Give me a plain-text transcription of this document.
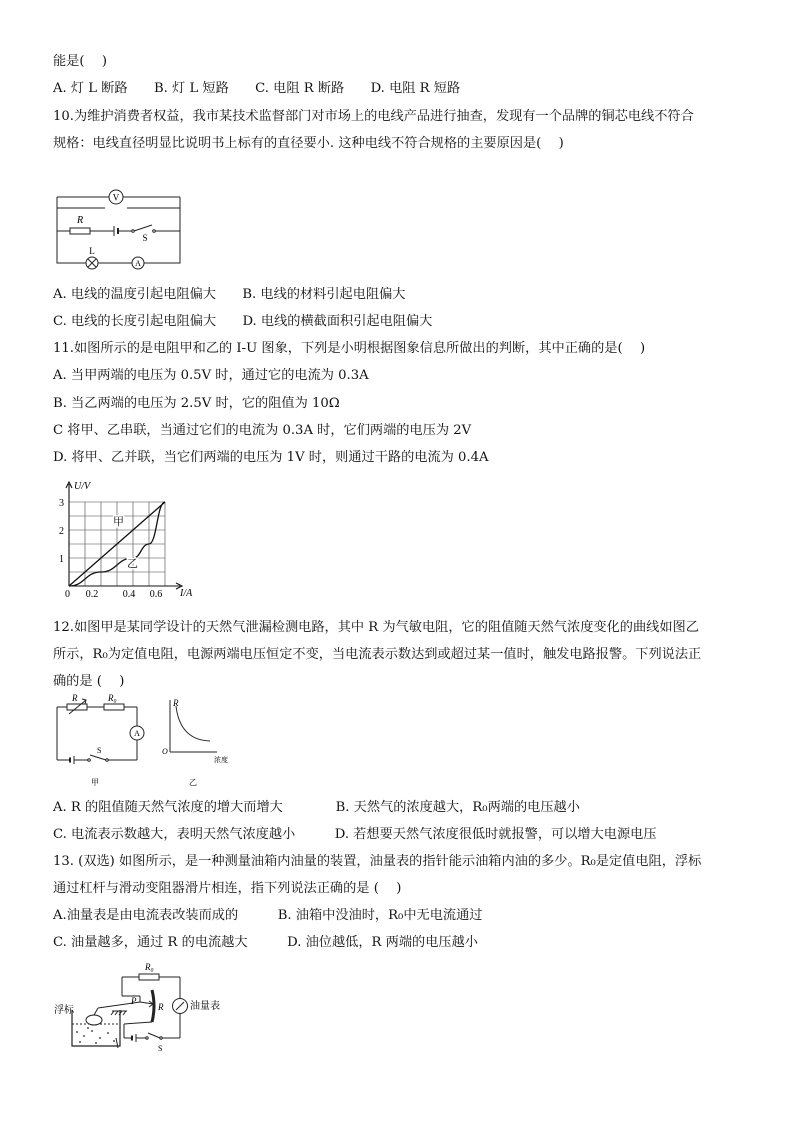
能是(　 )
A. 灯 L 断路　　B. 灯 L 短路　　C. 电阻 R 断路　　D. 电阻 R 短路
10.为维护消费者权益，我市某技术监督部门对市场上的电线产品进行抽查，发现有一个品牌的铜芯电线不符合
规格：电线直径明显比说明书上标有的直径要小. 这种电线不符合规格的主要原因是(　 )
V
R
S
L
A
A. 电线的温度引起电阻偏大　　B. 电线的材料引起电阻偏大
C. 电线的长度引起电阻偏大　　D. 电线的横截面积引起电阻偏大
11.如图所示的是电阻甲和乙的 I-U 图象，下列是小明根据图象信息所做出的判断，其中正确的是(　 )
A. 当甲两端的电压为 0.5V 时，通过它的电流为 0.3A
B. 当乙两端的电压为 2.5V 时，它的阻值为 10Ω
C 将甲、乙串联，当通过它们的电流为 0.3A 时，它们两端的电压为 2V
D. 将甲、乙并联，当它们两端的电压为 1V 时，则通过干路的电流为 0.4A
U/V
I/A
1
2
3
0 0.2 0.4 0.6
甲
乙
12.如图甲是某同学设计的天然气泄漏检测电路，其中 R 为气敏电阻，它的阻值随天然气浓度变化的曲线如图乙
所示，R₀为定值电阻，电源两端电压恒定不变，当电流表示数达到或超过某一值时，触发电路报警。下列说法正
确的是 (　 )
R	R₀
A
S
甲
R
O
浓度
乙
A. R 的阻值随天然气浓度的增大而增大　　　　B. 天然气的浓度越大，R₀两端的电压越小
C. 电流表示数越大，表明天然气浓度越小　　　D. 若想要天然气浓度很低时就报警，可以增大电源电压
13. (双选) 如图所示，是一种测量油箱内油量的装置，油量表的指针能示油箱内油的多少。R₀是定值电阻，浮标
通过杠杆与滑动变阻器滑片相连，指下列说法正确的是 (　 )
A.油量表是由电流表改装而成的　　　B. 油箱中没油时，R₀中无电流通过
C. 油量越多，通过 R 的电流越大　　　D. 油位越低，R 两端的电压越小
R₀
P
R	油量表
浮标
S
